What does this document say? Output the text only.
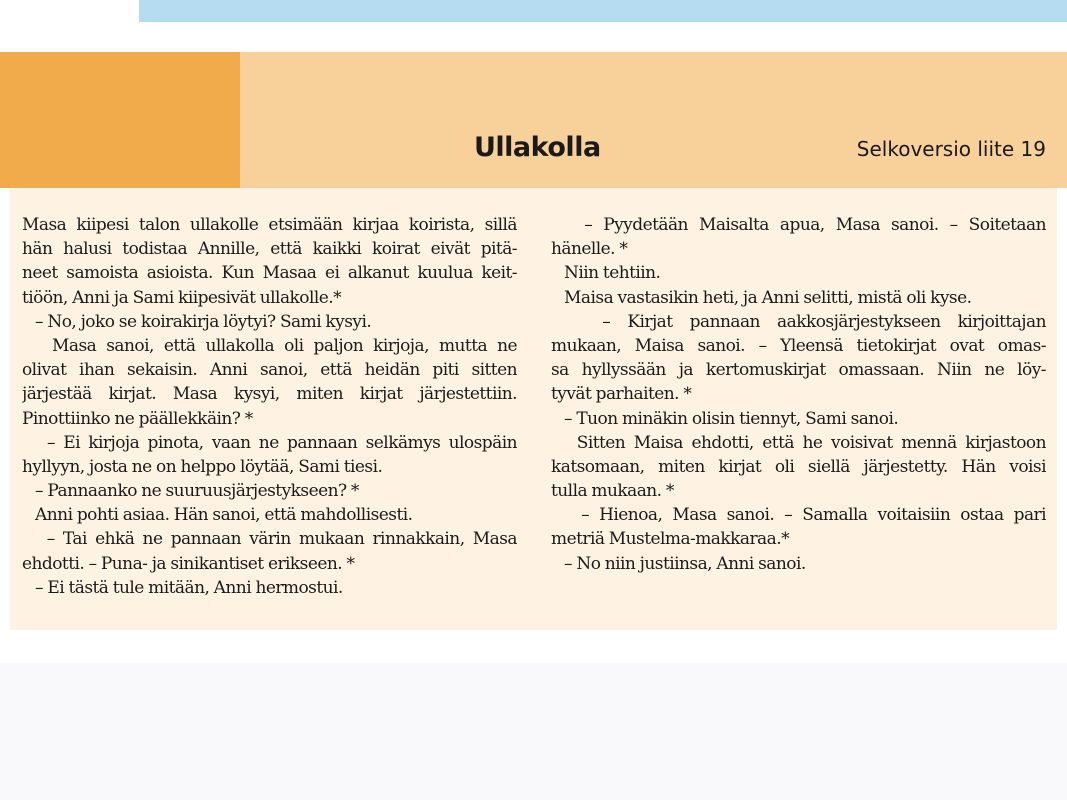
Ullakolla	Selkoversio liite 19
Masa kiipesi talon ullakolle etsimään kirjaa koirista, sillä
hän halusi todistaa Annille, että kaikki koirat eivät pitä-
neet samoista asioista. Kun Masaa ei alkanut kuulua keit-
tiöön, Anni ja Sami kiipesivät ullakolle.*
– No, joko se koirakirja löytyi? Sami kysyi.
Masa sanoi, että ullakolla oli paljon kirjoja, mutta ne
olivat ihan sekaisin. Anni sanoi, että heidän piti sitten
järjestää kirjat. Masa kysyi, miten kirjat järjestettiin.
Pinottiinko ne päällekkäin? *
– Ei kirjoja pinota, vaan ne pannaan selkämys ulospäin
hyllyyn, josta ne on helppo löytää, Sami tiesi.
– Pannaanko ne suuruusjärjestykseen? *
Anni pohti asiaa. Hän sanoi, että mahdollisesti.
– Tai ehkä ne pannaan värin mukaan rinnakkain, Masa
ehdotti. – Puna- ja sinikantiset erikseen. *
– Ei tästä tule mitään, Anni hermostui.
– Pyydetään Maisalta apua, Masa sanoi. – Soitetaan
hänelle. *
Niin tehtiin.
Maisa vastasikin heti, ja Anni selitti, mistä oli kyse.
– Kirjat pannaan aakkosjärjestykseen kirjoittajan
mukaan, Maisa sanoi. – Yleensä tietokirjat ovat omas-
sa hyllyssään ja kertomuskirjat omassaan. Niin ne löy-
tyvät parhaiten. *
– Tuon minäkin olisin tiennyt, Sami sanoi.
Sitten Maisa ehdotti, että he voisivat mennä kirjastoon
katsomaan, miten kirjat oli siellä järjestetty. Hän voisi
tulla mukaan. *
– Hienoa, Masa sanoi. – Samalla voitaisiin ostaa pari
metriä Mustelma-makkaraa.*
– No niin justiinsa, Anni sanoi.
